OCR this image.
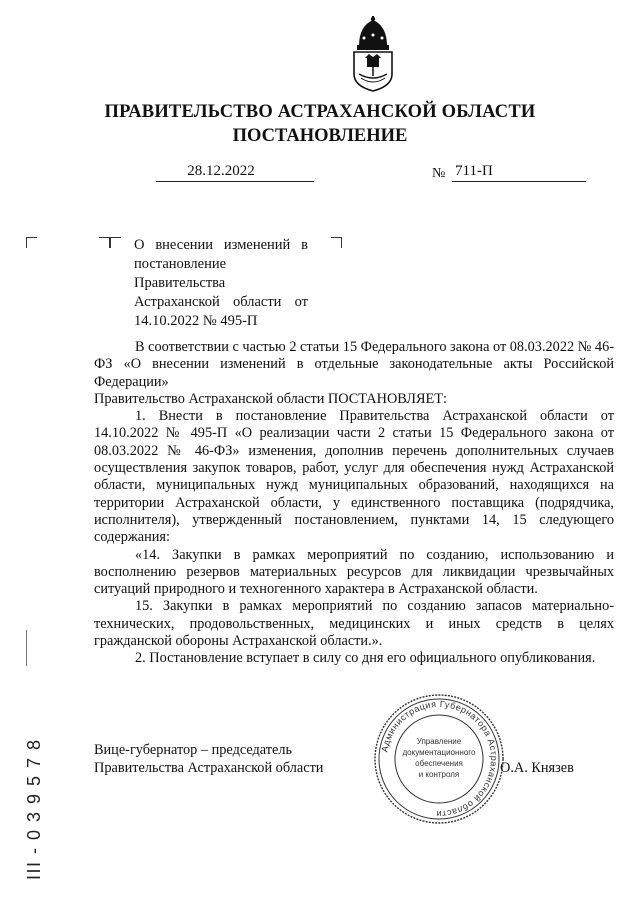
ПРАВИТЕЛЬСТВО АСТРАХАНСКОЙ ОБЛАСТИ
ПОСТАНОВЛЕНИЕ
28.12.2022	№ 711-П
О внесении изменений в постановление Правительства Астраханской области от 14.10.2022 № 495-П

В соответствии с частью 2 статьи 15 Федерального закона от 08.03.2022 № 46-ФЗ «О внесении изменений в отдельные законодательные акты Российской Федерации»

Правительство Астраханской области ПОСТАНОВЛЯЕТ:

1. Внести в постановление Правительства Астраханской области от 14.10.2022 № 495-П «О реализации части 2 статьи 15 Федерального закона от 08.03.2022 № 46-ФЗ» изменения, дополнив перечень дополнительных случаев осуществления закупок товаров, работ, услуг для обеспечения нужд Астраханской области, муниципальных нужд муниципальных образований, находящихся на территории Астраханской области, у единственного поставщика (подрядчика, исполнителя), утвержденный постановлением, пунктами 14, 15 следующего содержания:

«14. Закупки в рамках мероприятий по созданию, использованию и восполнению резервов материальных ресурсов для ликвидации чрезвычайных ситуаций природного и техногенного характера в Астраханской области.

15. Закупки в рамках мероприятий по созданию запасов материально-технических, продовольственных, медицинских и иных средств в целях гражданской обороны Астраханской области.».

2. Постановление вступает в силу со дня его официального опубликования.

Вице-губернатор – председатель
Правительства Астраханской области	О.А. Князев
Администрация Губернатора Астраханской области
Управление
документационного
обеспечения
и контроля
III - 0 3 9 5 7 8
